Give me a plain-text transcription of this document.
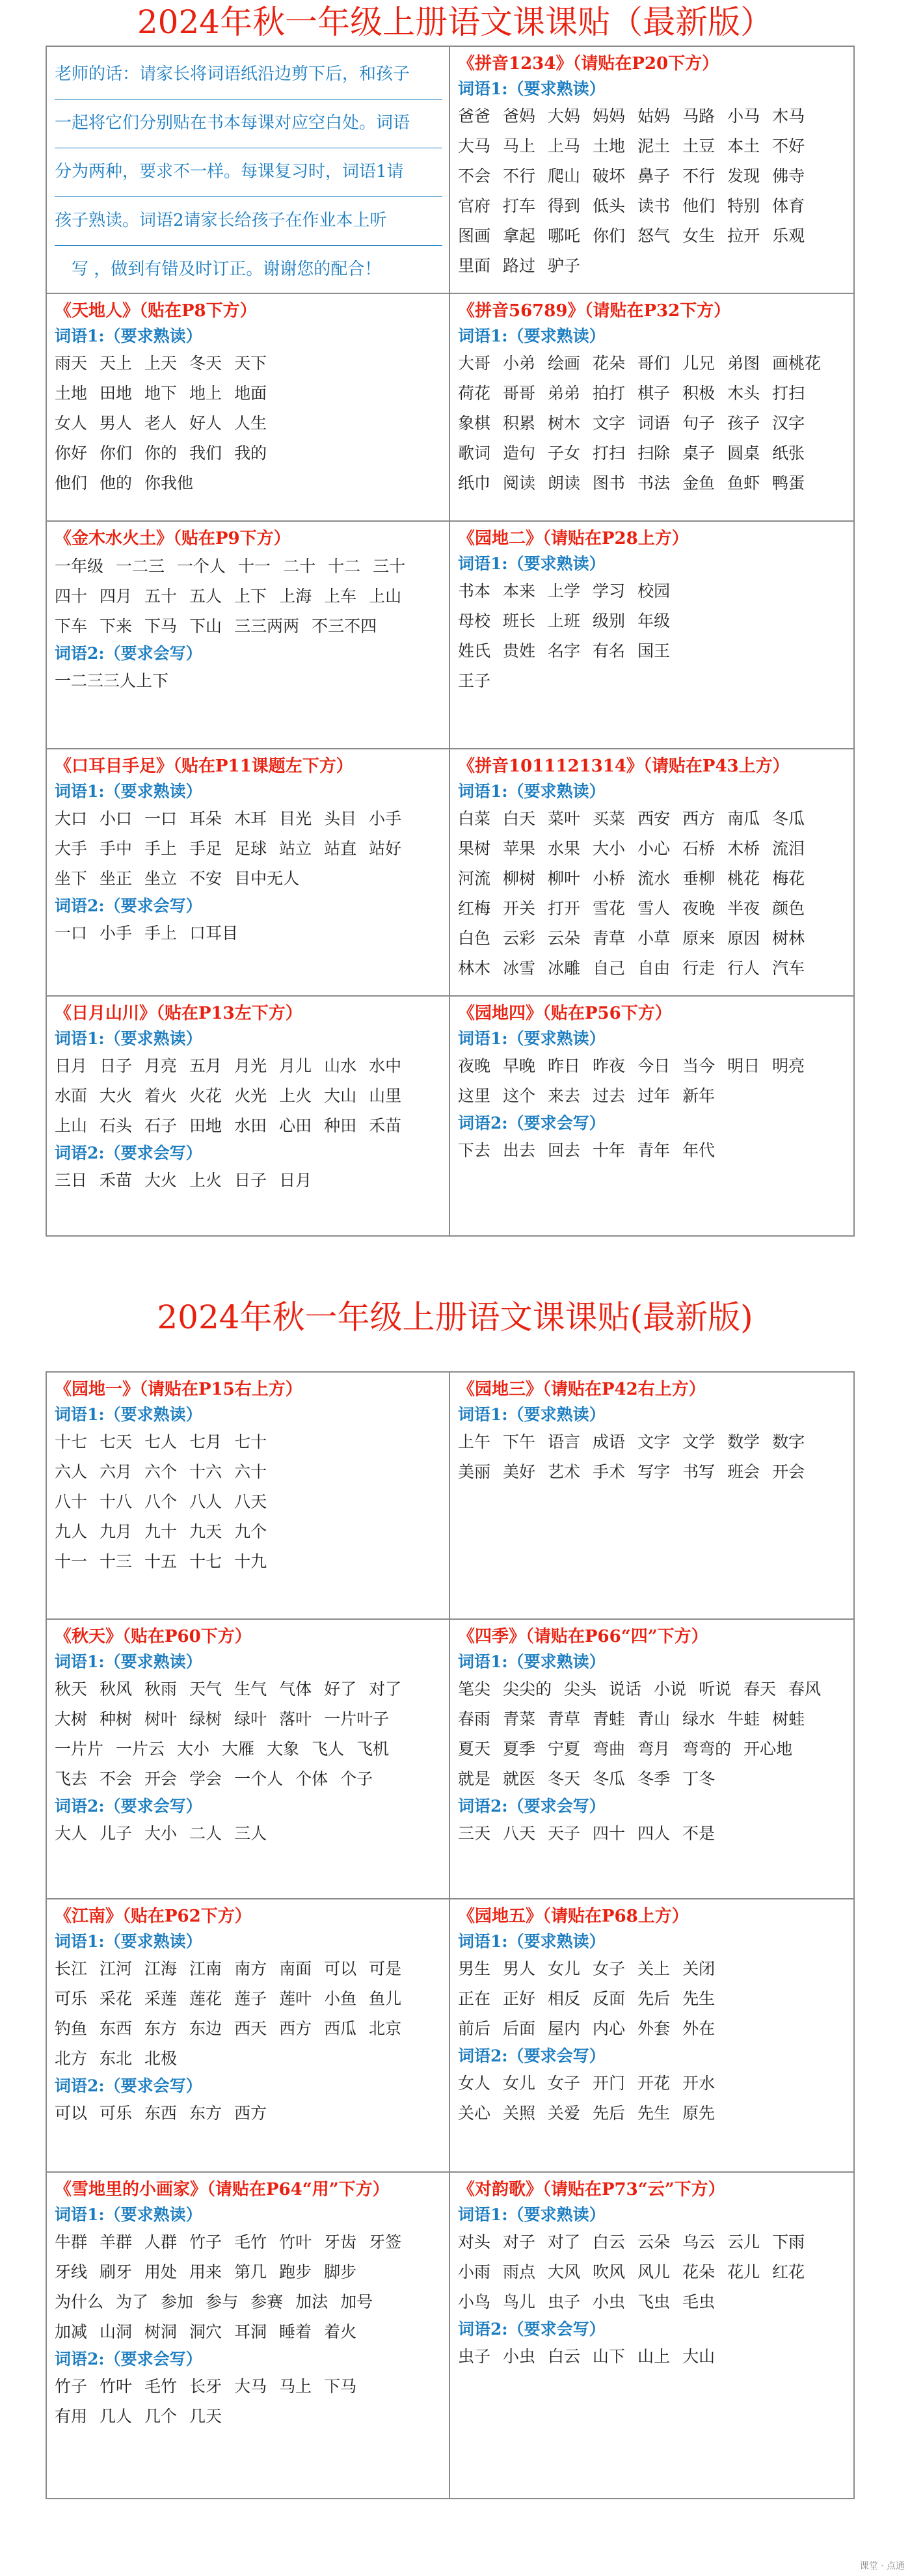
2024年秋一年级上册语文课课贴（最新版）
老师的话：请家长将词语纸沿边剪下后，和孩子
一起将它们分别贴在书本每课对应空白处。词语
分为两种，要求不一样。每课复习时，词语1请
孩子熟读。词语2请家长给孩子在作业本上听
写 ，做到有错及时订正。谢谢您的配合！
《拼音1234》（请贴在P20下方）
词语1:（要求熟读）
爸爸 爸妈 大妈 妈妈 姑妈 马路 小马 木马
大马 马上 上马 土地 泥土 土豆 本土 不好
不会 不行 爬山 破坏 鼻子 不行 发现 佛寺
官府 打车 得到 低头 读书 他们 特别 体育
图画 拿起 哪吒 你们 怒气 女生 拉开 乐观
里面 路过 驴子
《天地人》（贴在P8下方）
词语1:（要求熟读）
雨天 天上 上天 冬天 天下
土地 田地 地下 地上 地面
女人 男人 老人 好人 人生
你好 你们 你的 我们 我的
他们 他的 你我他
《拼音56789》（请贴在P32下方）
词语1:（要求熟读）
大哥 小弟 绘画 花朵 哥们 儿兄 弟图 画桃花
荷花 哥哥 弟弟 拍打 棋子 积极 木头 打扫
象棋 积累 树木 文字 词语 句子 孩子 汉字
歌词 造句 子女 打扫 扫除 桌子 圆桌 纸张
纸巾 阅读 朗读 图书 书法 金鱼 鱼虾 鸭蛋
《金木水火土》（贴在P9下方）
一年级 一二三 一个人 十一 二十 十二 三十
四十 四月 五十 五人 上下 上海 上车 上山
下车 下来 下马 下山 三三两两 不三不四
词语2:（要求会写）
一二三三人上下
《园地二》（请贴在P28上方）
词语1:（要求熟读）
书本 本来 上学 学习 校园
母校 班长 上班 级别 年级
姓氏 贵姓 名字 有名 国王
王子
《口耳目手足》（贴在P11课题左下方）
词语1:（要求熟读）
大口 小口 一口 耳朵 木耳 目光 头目 小手
大手 手中 手上 手足 足球 站立 站直 站好
坐下 坐正 坐立 不安 目中无人
词语2:（要求会写）
一口 小手 手上 口耳目
《拼音1011121314》（请贴在P43上方）
词语1:（要求熟读）
白菜 白天 菜叶 买菜 西安 西方 南瓜 冬瓜
果树 苹果 水果 大小 小心 石桥 木桥 流泪
河流 柳树 柳叶 小桥 流水 垂柳 桃花 梅花
红梅 开关 打开 雪花 雪人 夜晚 半夜 颜色
白色 云彩 云朵 青草 小草 原来 原因 树林
林木 冰雪 冰雕 自己 自由 行走 行人 汽车
《日月山川》（贴在P13左下方）
词语1:（要求熟读）
日月 日子 月亮 五月 月光 月儿 山水 水中
水面 大火 着火 火花 火光 上火 大山 山里
上山 石头 石子 田地 水田 心田 种田 禾苗
词语2:（要求会写）
三日 禾苗 大火 上火 日子 日月
《园地四》（贴在P56下方）
词语1:（要求熟读）
夜晚 早晚 昨日 昨夜 今日 当今 明日 明亮
这里 这个 来去 过去 过年 新年
词语2:（要求会写）
下去 出去 回去 十年 青年 年代
2024年秋一年级上册语文课课贴(最新版)
《园地一》（请贴在P15右上方）
词语1:（要求熟读）
十七 七天 七人 七月 七十
六人 六月 六个 十六 六十
八十 十八 八个 八人 八天
九人 九月 九十 九天 九个
十一 十三 十五 十七 十九
《园地三》（请贴在P42右上方）
词语1:（要求熟读）
上午 下午 语言 成语 文字 文学 数学 数字
美丽 美好 艺术 手术 写字 书写 班会 开会
《秋天》（贴在P60下方）
词语1:（要求熟读）
秋天 秋风 秋雨 天气 生气 气体 好了 对了
大树 种树 树叶 绿树 绿叶 落叶 一片叶子
一片片 一片云 大小 大雁 大象 飞人 飞机
飞去 不会 开会 学会 一个人 个体 个子
词语2:（要求会写）
大人 儿子 大小 二人 三人
《四季》（请贴在P66“四”下方）
词语1:（要求熟读）
笔尖 尖尖的 尖头 说话 小说 听说 春天 春风
春雨 青菜 青草 青蛙 青山 绿水 牛蛙 树蛙
夏天 夏季 宁夏 弯曲 弯月 弯弯的 开心地
就是 就医 冬天 冬瓜 冬季 丁冬
词语2:（要求会写）
三天 八天 天子 四十 四人 不是
《江南》（贴在P62下方）
词语1:（要求熟读）
长江 江河 江海 江南 南方 南面 可以 可是
可乐 采花 采莲 莲花 莲子 莲叶 小鱼 鱼儿
钓鱼 东西 东方 东边 西天 西方 西瓜 北京
北方 东北 北极
词语2:（要求会写）
可以 可乐 东西 东方 西方
《园地五》（请贴在P68上方）
词语1:（要求熟读）
男生 男人 女儿 女子 关上 关闭
正在 正好 相反 反面 先后 先生
前后 后面 屋内 内心 外套 外在
词语2:（要求会写）
女人 女儿 女子 开门 开花 开水
关心 关照 关爱 先后 先生 原先
《雪地里的小画家》（请贴在P64“用”下方）
词语1:（要求熟读）
牛群 羊群 人群 竹子 毛竹 竹叶 牙齿 牙签
牙线 刷牙 用处 用来 第几 跑步 脚步
为什么 为了 参加 参与 参赛 加法 加号
加减 山洞 树洞 洞穴 耳洞 睡着 着火
词语2:（要求会写）
竹子 竹叶 毛竹 长牙 大马 马上 下马
有用 几人 几个 几天
《对韵歌》（请贴在P73“云”下方）
词语1:（要求熟读）
对头 对子 对了 白云 云朵 乌云 云儿 下雨
小雨 雨点 大风 吹风 风儿 花朵 花儿 红花
小鸟 鸟儿 虫子 小虫 飞虫 毛虫
词语2:（要求会写）
虫子 小虫 白云 山下 山上 大山
课堂 · 点通
